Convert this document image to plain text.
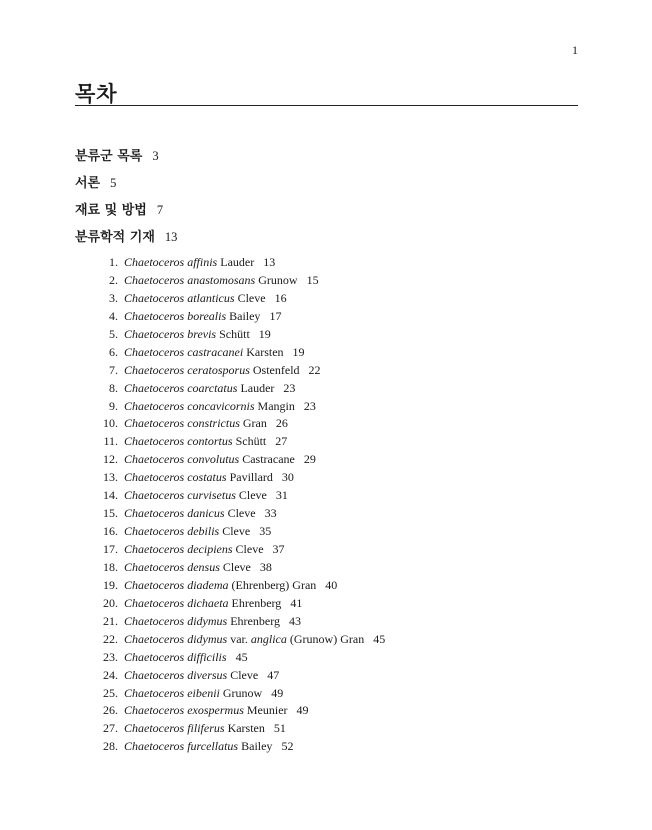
1
목차
분류군 목록 3
서론 5
재료 및 방법 7
분류학적 기재 13
1. Chaetoceros affinis Lauder 13
2. Chaetoceros anastomosans Grunow 15
3. Chaetoceros atlanticus Cleve 16
4. Chaetoceros borealis Bailey 17
5. Chaetoceros brevis Schütt 19
6. Chaetoceros castracanei Karsten 19
7. Chaetoceros ceratosporus Ostenfeld 22
8. Chaetoceros coarctatus Lauder 23
9. Chaetoceros concavicornis Mangin 23
10. Chaetoceros constrictus Gran 26
11. Chaetoceros contortus Schütt 27
12. Chaetoceros convolutus Castracane 29
13. Chaetoceros costatus Pavillard 30
14. Chaetoceros curvisetus Cleve 31
15. Chaetoceros danicus Cleve 33
16. Chaetoceros debilis Cleve 35
17. Chaetoceros decipiens Cleve 37
18. Chaetoceros densus Cleve 38
19. Chaetoceros diadema (Ehrenberg) Gran 40
20. Chaetoceros dichaeta Ehrenberg 41
21. Chaetoceros didymus Ehrenberg 43
22. Chaetoceros didymus var. anglica (Grunow) Gran 45
23. Chaetoceros difficilis 45
24. Chaetoceros diversus Cleve 47
25. Chaetoceros eibenii Grunow 49
26. Chaetoceros exospermus Meunier 49
27. Chaetoceros filiferus Karsten 51
28. Chaetoceros furcellatus Bailey 52
